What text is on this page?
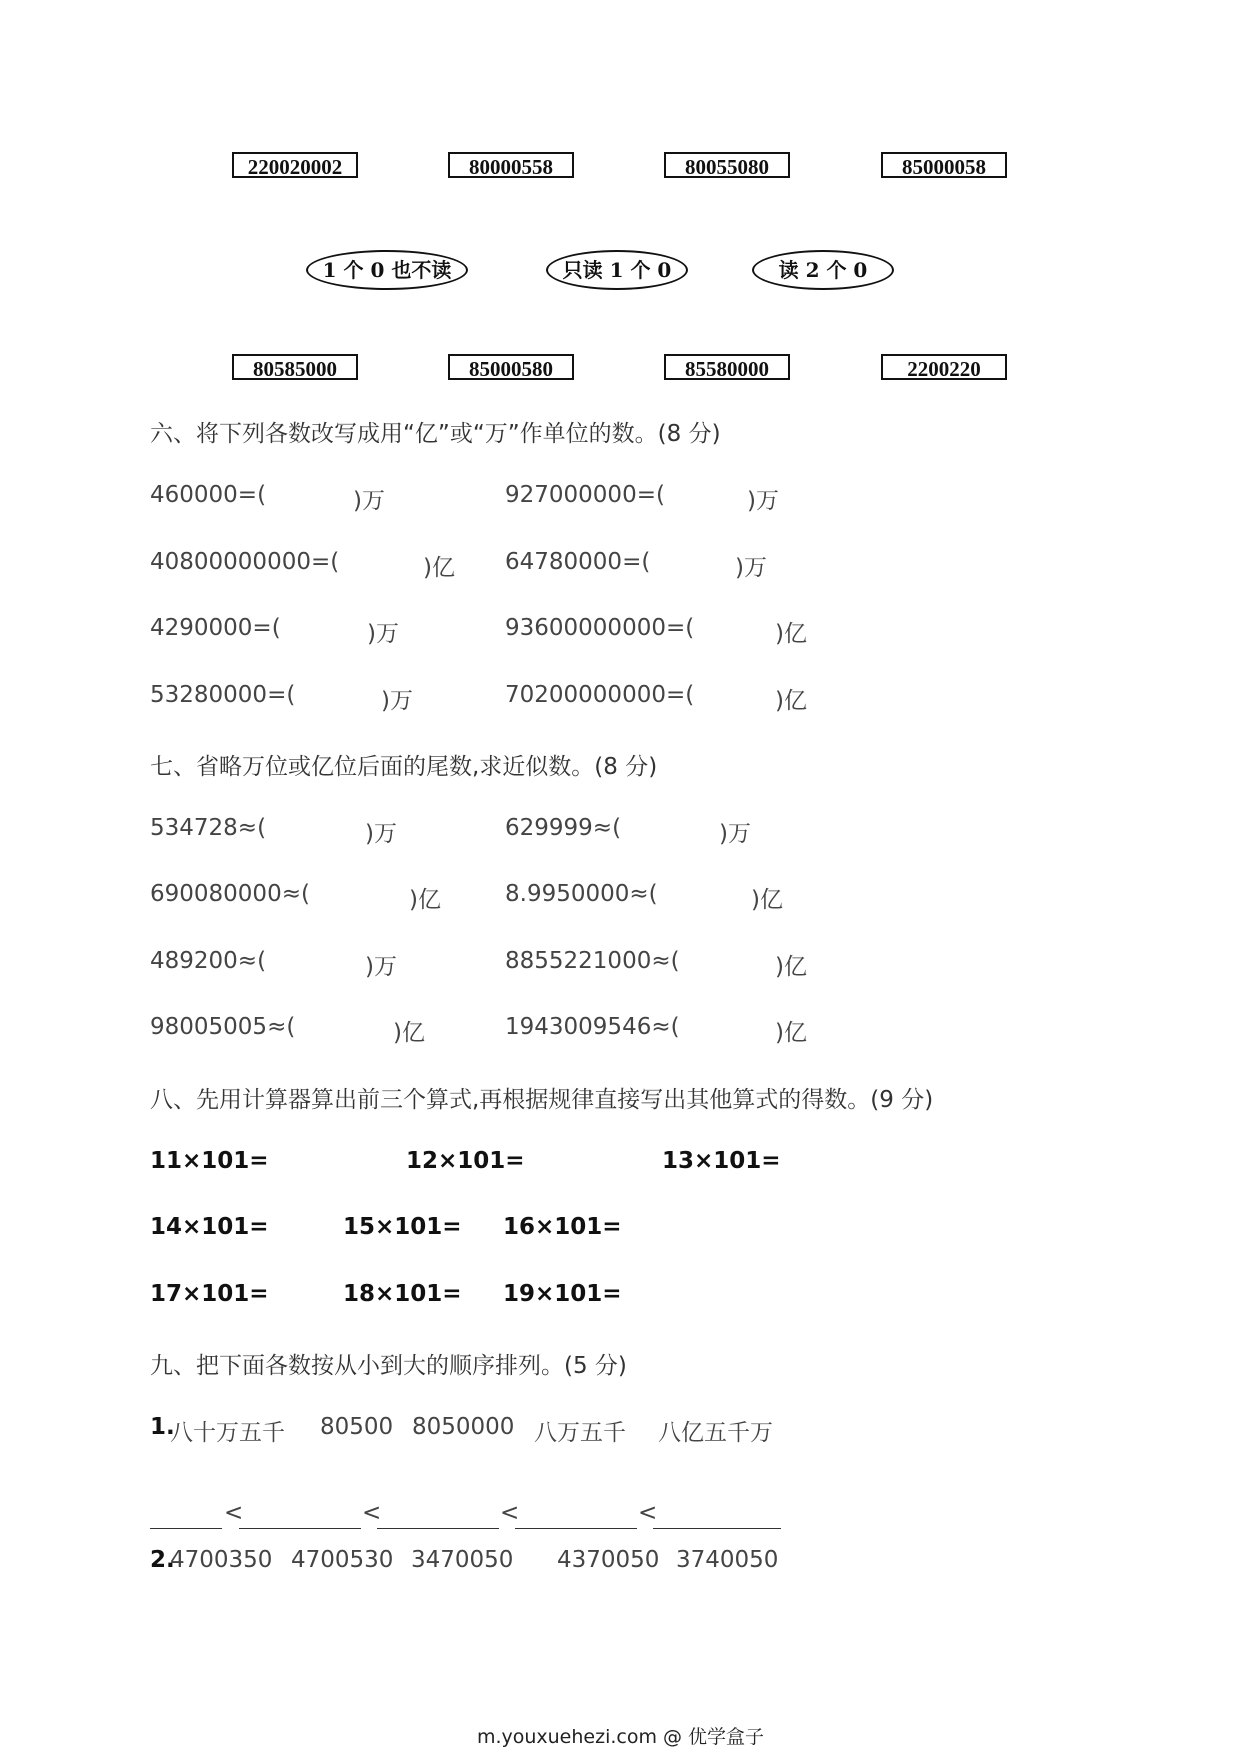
220020002	80000558	80055080	85000058
1 个 0 也不读	只读 1 个 0	读 2 个 0
80585000	85000580	85580000	2200220
六、将下列各数改写成用“亿”或“万”作单位的数。(8 分)
460000=(	)万	927000000=(	)万
40800000000=(	)亿 64780000=(	)万
4290000=(	)万	93600000000=(	)亿
53280000=(	)万	70200000000=(	)亿
七、省略万位或亿位后面的尾数,求近似数。(8 分)
534728≈(	)万	629999≈(	)万
690080000≈(	)亿	8.9950000≈(	)亿
489200≈(	)万	8855221000≈(	)亿
98005005≈(	)亿	1943009546≈(	)亿
八、先用计算器算出前三个算式,再根据规律直接写出其他算式的得数。(9 分)
11×101=	12×101=	13×101=
14×101=	15×101= 16×101=
17×101=	18×101= 19×101=
九、把下面各数按从小到大的顺序排列。(5 分)
1.
八十万五千 80500 8050000 八万五千 八亿五千万
<	<	<	<
2.
4700350 4700530 3470050 4370050 3740050
m.youxuehezi.com @ 优学盒子
